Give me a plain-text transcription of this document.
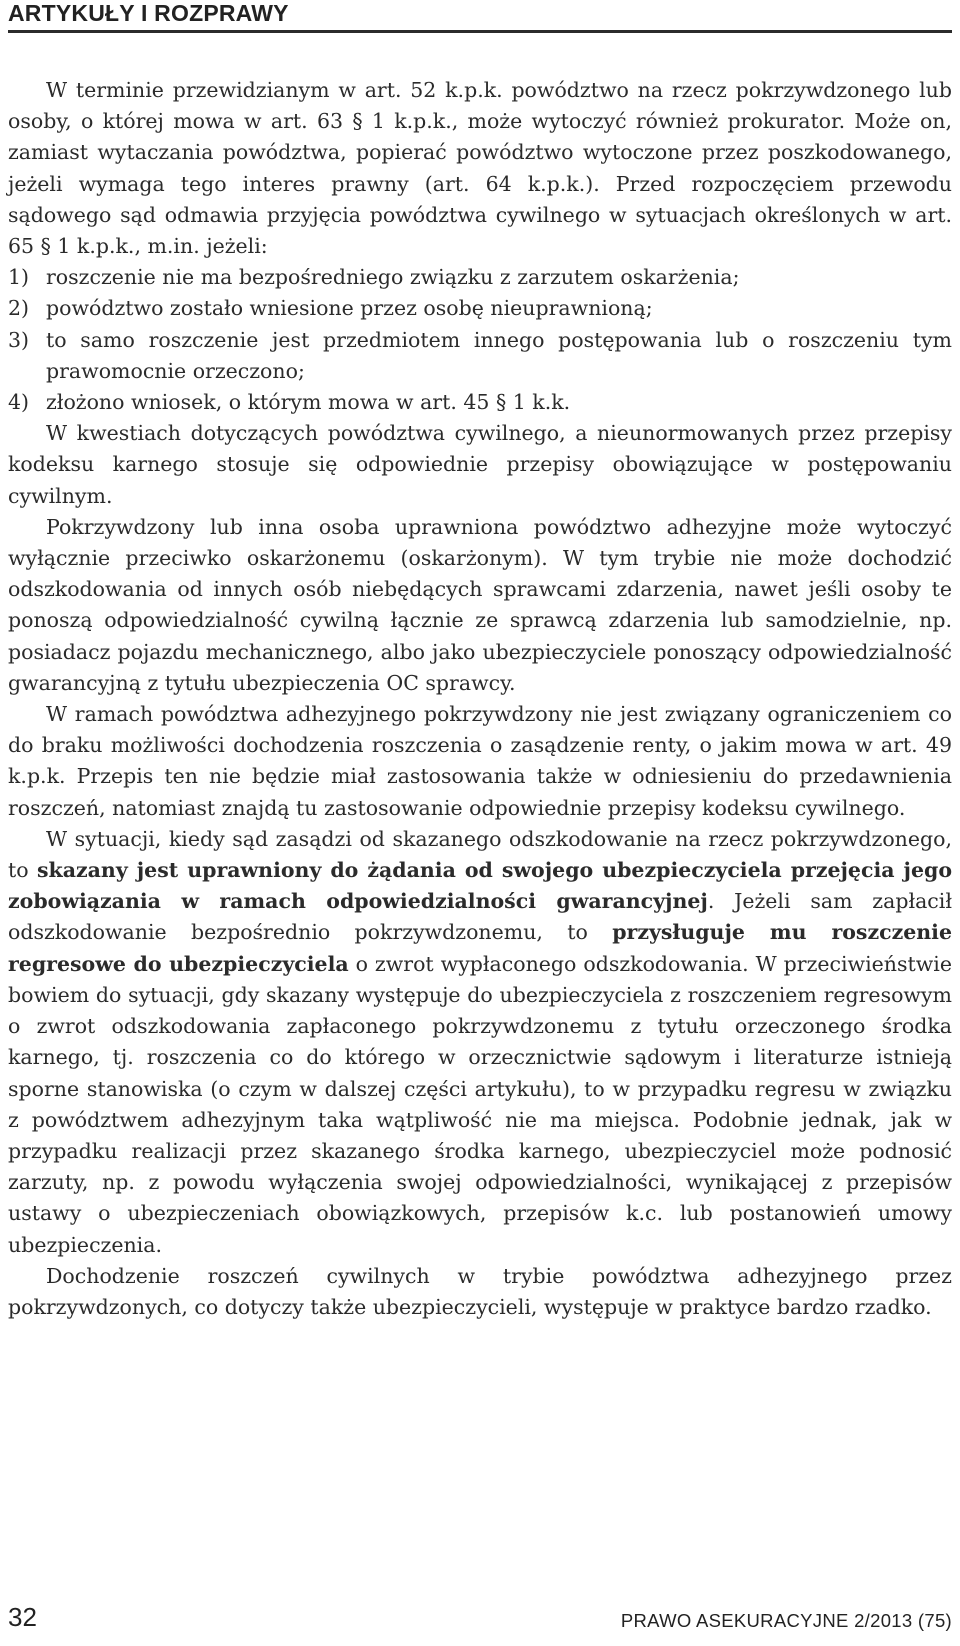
ARTYKUŁY I ROZPRAWY

W terminie przewidzianym w art. 52 k.p.k. powództwo na rzecz pokrzywdzonego lub osoby, o której mowa w art. 63 § 1 k.p.k., może wytoczyć również prokurator. Może on, zamiast wytaczania powództwa, popierać powództwo wytoczone przez poszkodowanego, jeżeli wymaga tego interes prawny (art. 64 k.p.k.). Przed rozpoczęciem przewodu sądowego sąd odmawia przyjęcia powództwa cywilnego w sytuacjach określonych w art. 65 § 1 k.p.k., m.in. jeżeli:

1) roszczenie nie ma bezpośredniego związku z zarzutem oskarżenia;
2) powództwo zostało wniesione przez osobę nieuprawnioną;
3) to samo roszczenie jest przedmiotem innego postępowania lub o roszczeniu tym prawomocnie orzeczono;
4) złożono wniosek, o którym mowa w art. 45 § 1 k.k.

W kwestiach dotyczących powództwa cywilnego, a nieunormowanych przez przepisy kodeksu karnego stosuje się odpowiednie przepisy obowiązujące w postępowaniu cywilnym.

Pokrzywdzony lub inna osoba uprawniona powództwo adhezyjne może wytoczyć wyłącznie przeciwko oskarżonemu (oskarżonym). W tym trybie nie może dochodzić odszkodowania od innych osób niebędących sprawcami zdarzenia, nawet jeśli osoby te ponoszą odpowiedzialność cywilną łącznie ze sprawcą zdarzenia lub samodzielnie, np. posiadacz pojazdu mechanicznego, albo jako ubezpieczyciele ponoszący odpowiedzialność gwarancyjną z tytułu ubezpieczenia OC sprawcy.

W ramach powództwa adhezyjnego pokrzywdzony nie jest związany ograniczeniem co do braku możliwości dochodzenia roszczenia o zasądzenie renty, o jakim mowa w art. 49 k.p.k. Przepis ten nie będzie miał zastosowania także w odniesieniu do przedawnienia roszczeń, natomiast znajdą tu zastosowanie odpowiednie przepisy kodeksu cywilnego.

W sytuacji, kiedy sąd zasądzi od skazanego odszkodowanie na rzecz pokrzywdzonego, to skazany jest uprawniony do żądania od swojego ubezpieczyciela przejęcia jego zobowiązania w ramach odpowiedzialności gwarancyjnej. Jeżeli sam zapłacił odszkodowanie bezpośrednio pokrzywdzonemu, to przysługuje mu roszczenie regresowe do ubezpieczyciela o zwrot wypłaconego odszkodowania. W przeciwieństwie bowiem do sytuacji, gdy skazany występuje do ubezpieczyciela z roszczeniem regresowym o zwrot odszkodowania zapłaconego pokrzywdzonemu z tytułu orzeczonego środka karnego, tj. roszczenia co do którego w orzecznictwie sądowym i literaturze istnieją sporne stanowiska (o czym w dalszej części artykułu), to w przypadku regresu w związku z powództwem adhezyjnym taka wątpliwość nie ma miejsca. Podobnie jednak, jak w przypadku realizacji przez skazanego środka karnego, ubezpieczyciel może podnosić zarzuty, np. z powodu wyłączenia swojej odpowiedzialności, wynikającej z przepisów ustawy o ubezpieczeniach obowiązkowych, przepisów k.c. lub postanowień umowy ubezpieczenia.

Dochodzenie roszczeń cywilnych w trybie powództwa adhezyjnego przez pokrzywdzonych, co dotyczy także ubezpieczycieli, występuje w praktyce bardzo rzadko.

32	PRAWO ASEKURACYJNE 2/2013 (75)
